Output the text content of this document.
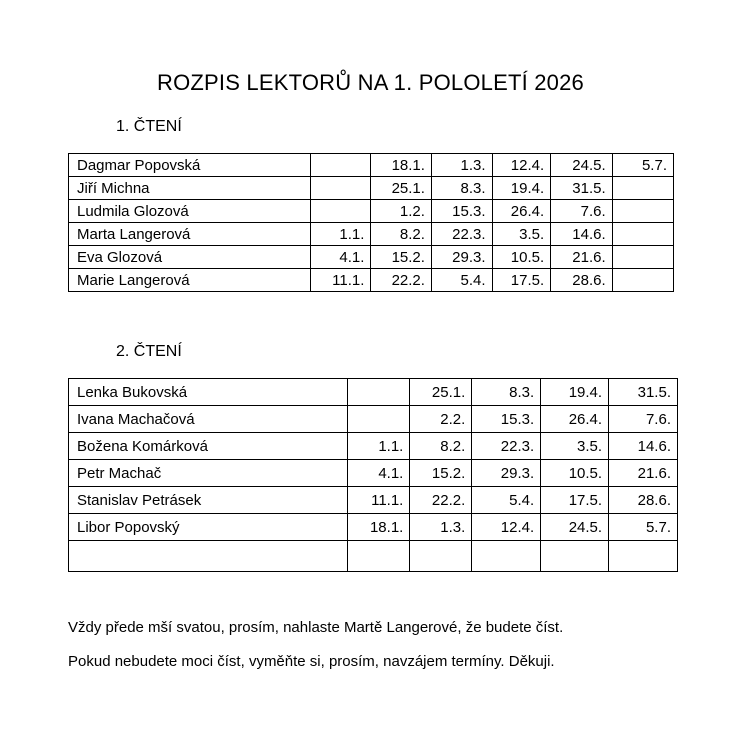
ROZPIS LEKTORŮ NA 1. POLOLETÍ 2026
1. ČTENÍ
Dagmar Popovská		18.1.	1.3.	12.4.	24.5.	5.7.
Jiří Michna		25.1.	8.3.	19.4.	31.5.	
Ludmila Glozová		1.2.	15.3.	26.4.	7.6.	
Marta Langerová	1.1.	8.2.	22.3.	3.5.	14.6.	
Eva Glozová	4.1.	15.2.	29.3.	10.5.	21.6.	
Marie Langerová	11.1.	22.2.	5.4.	17.5.	28.6.	
2. ČTENÍ
Lenka Bukovská		25.1.	8.3.	19.4.	31.5.
Ivana Machačová		2.2.	15.3.	26.4.	7.6.
Božena Komárková	1.1.	8.2.	22.3.	3.5.	14.6.
Petr Machač	4.1.	15.2.	29.3.	10.5.	21.6.
Stanislav Petrásek	11.1.	22.2.	5.4.	17.5.	28.6.
Libor Popovský	18.1.	1.3.	12.4.	24.5.	5.7.

Vždy přede mší svatou, prosím, nahlaste Martě Langerové, že budete číst.
Pokud nebudete moci číst, vyměňte si, prosím, navzájem termíny. Děkuji.
